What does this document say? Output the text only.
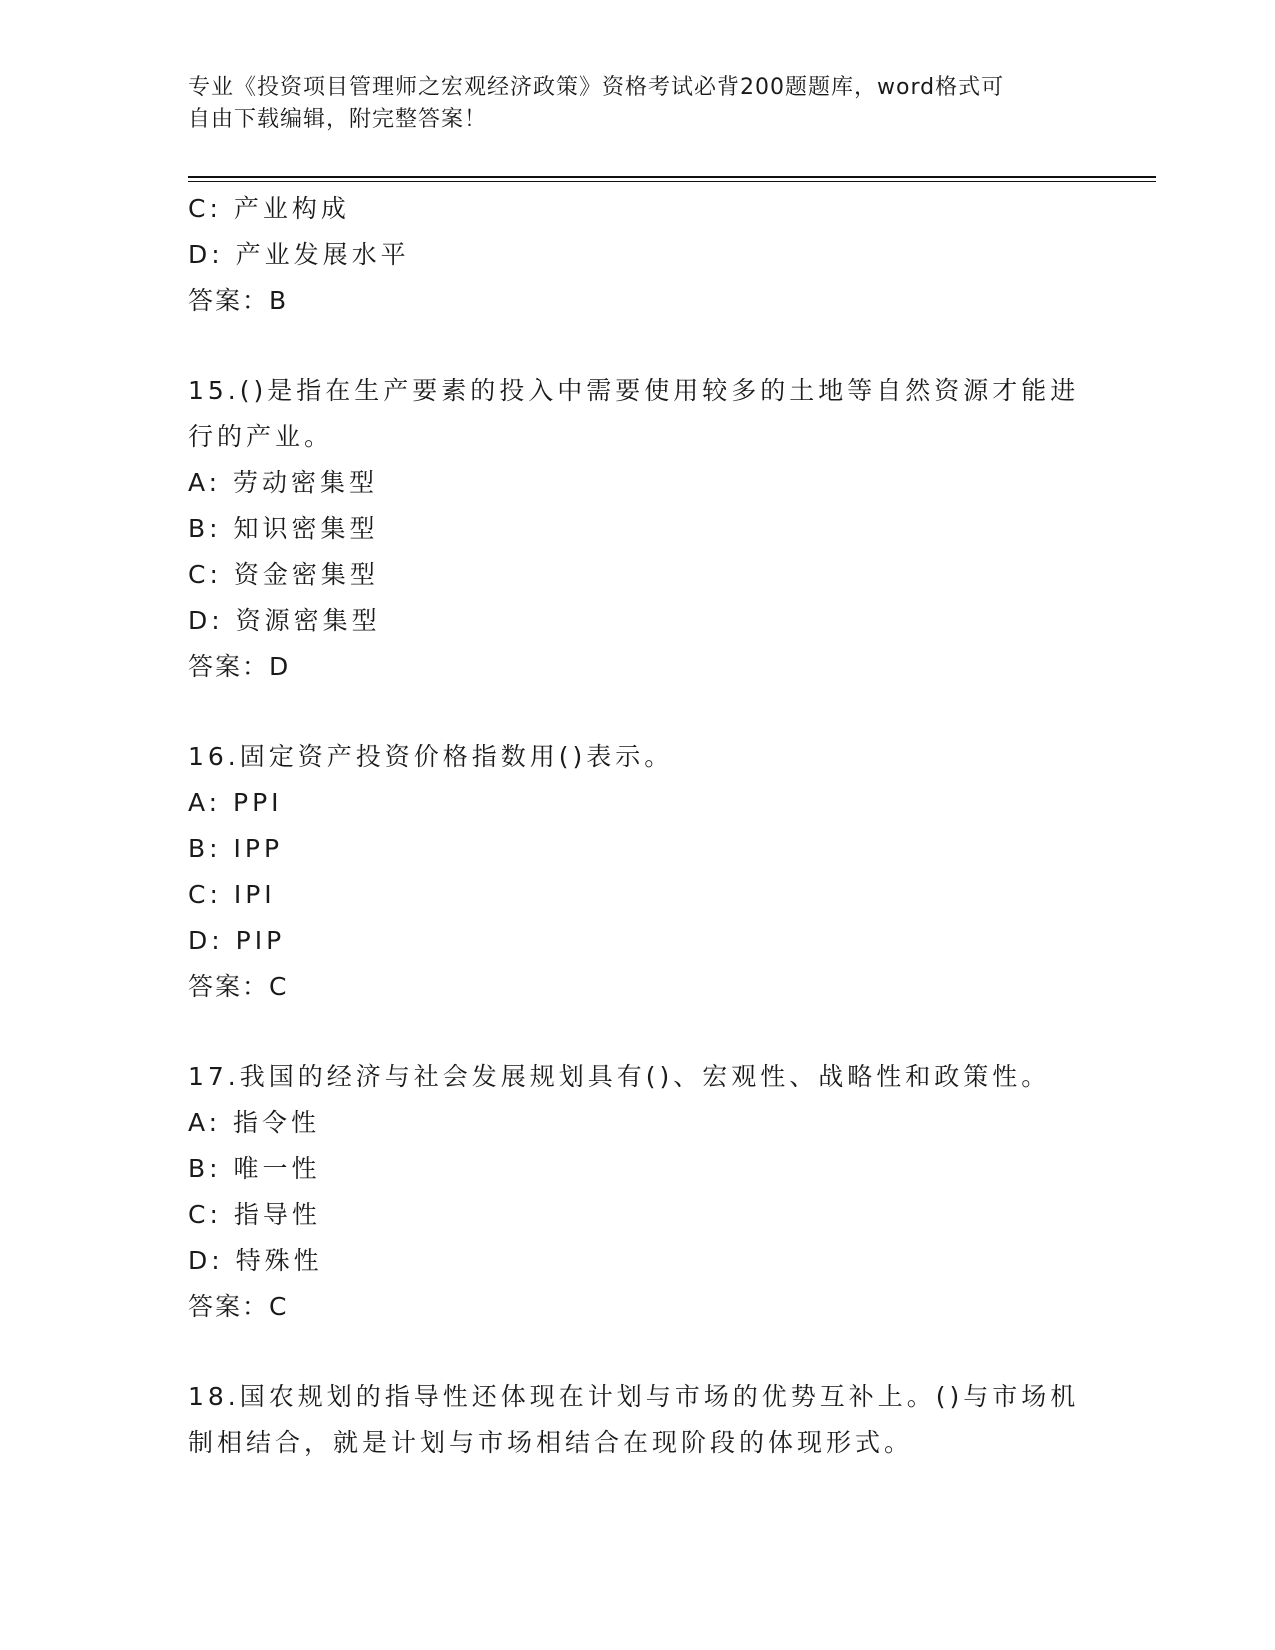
专业《投资项目管理师之宏观经济政策》资格考试必背200题题库，word格式可
自由下载编辑，附完整答案！
C: 产业构成
D: 产业发展水平
答案：B
15.()是指在生产要素的投入中需要使用较多的土地等自然资源才能进
行的产业。
A: 劳动密集型
B: 知识密集型
C: 资金密集型
D: 资源密集型
答案：D
16.固定资产投资价格指数用()表示。
A: PPI
B: IPP
C: IPI
D: PIP
答案：C
17.我国的经济与社会发展规划具有()、宏观性、战略性和政策性。
A: 指令性
B: 唯一性
C: 指导性
D: 特殊性
答案：C
18.国农规划的指导性还体现在计划与市场的优势互补上。()与市场机
制相结合，就是计划与市场相结合在现阶段的体现形式。
